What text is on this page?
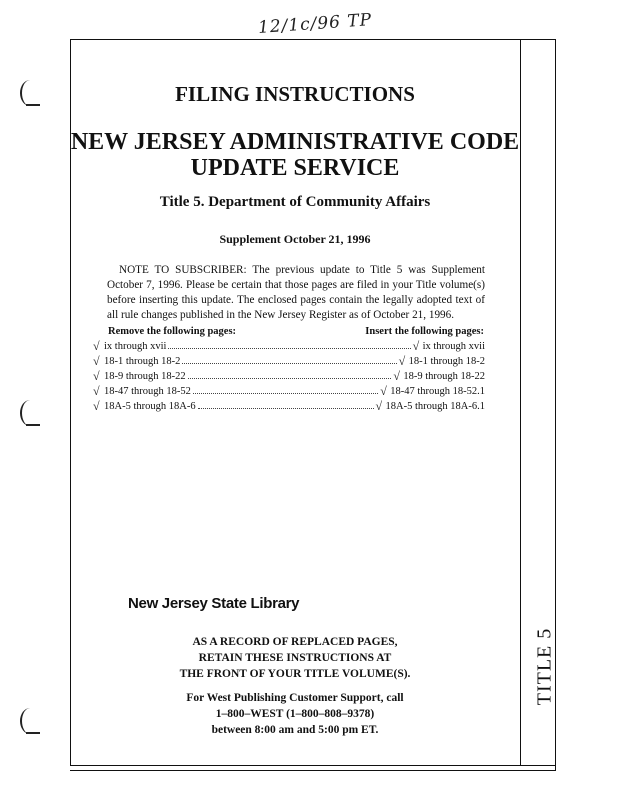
12/1c/96 TP
TITLE 5
FILING INSTRUCTIONS
NEW JERSEY ADMINISTRATIVE CODE
UPDATE SERVICE
Title 5. Department of Community Affairs
Supplement October 21, 1996
NOTE TO SUBSCRIBER: The previous update to Title 5 was Supplement October 7, 1996. Please be certain that those pages are filed in your Title volume(s) before inserting this update. The enclosed pages contain the legally adopted text of all rule changes published in the New Jersey Register as of October 21, 1996.
Remove the following pages:	Insert the following pages:
√ ix through xvii	√ ix through xvii
√ 18-1 through 18-2	√ 18-1 through 18-2
√ 18-9 through 18-22	√ 18-9 through 18-22
√ 18-47 through 18-52	√ 18-47 through 18-52.1
√ 18A-5 through 18A-6	√ 18A-5 through 18A-6.1
New Jersey State Library
AS A RECORD OF REPLACED PAGES,
RETAIN THESE INSTRUCTIONS AT
THE FRONT OF YOUR TITLE VOLUME(S).
For West Publishing Customer Support, call
1–800–WEST (1–800–808–9378)
between 8:00 am and 5:00 pm ET.
